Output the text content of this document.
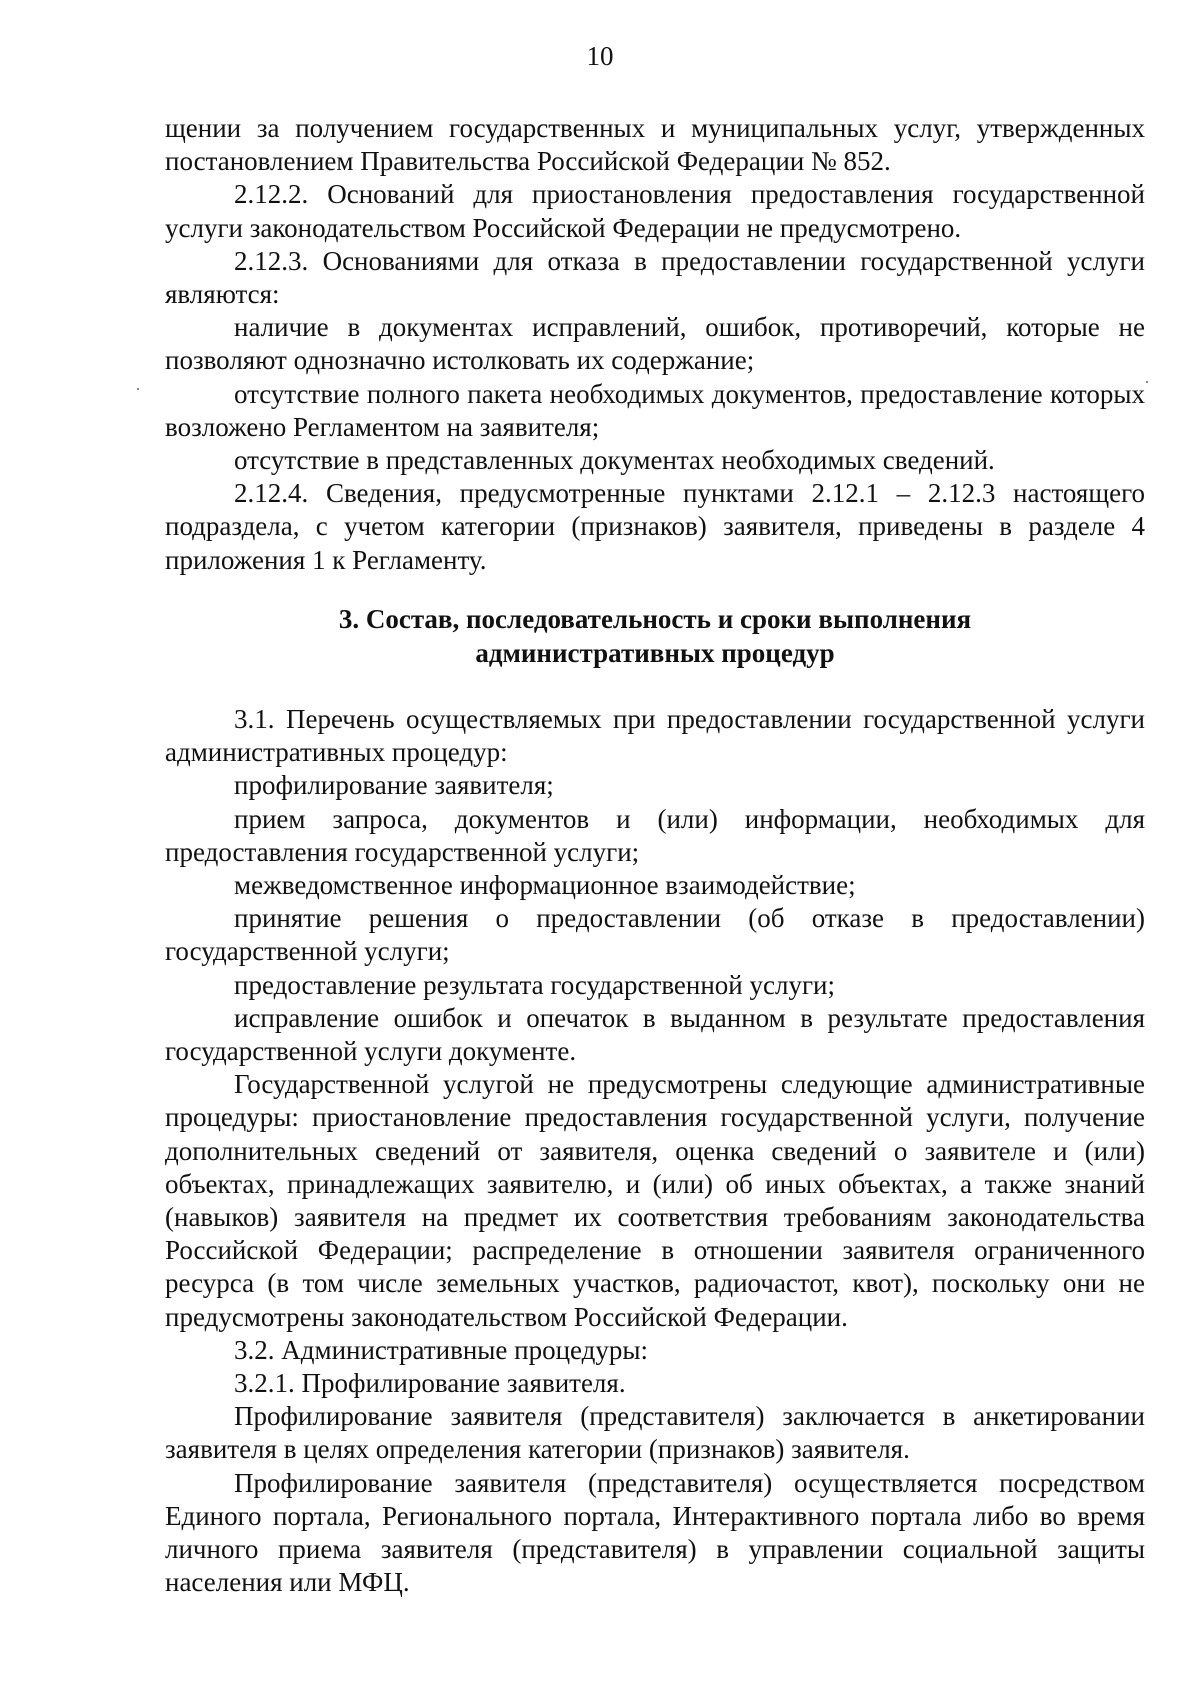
10

щении за получением государственных и муниципальных услуг, утвержденных постановлением Правительства Российской Федерации № 852.

2.12.2. Оснований для приостановления предоставления государственной услуги законодательством Российской Федерации не предусмотрено.

2.12.3. Основаниями для отказа в предоставлении государственной услуги являются:

наличие в документах исправлений, ошибок, противоречий, которые не позволяют однозначно истолковать их содержание;

отсутствие полного пакета необходимых документов, предоставление которых возложено Регламентом на заявителя;

отсутствие в представленных документах необходимых сведений.

2.12.4. Сведения, предусмотренные пунктами 2.12.1 – 2.12.3 настоящего подраздела, с учетом категории (признаков) заявителя, приведены в разделе 4 приложения 1 к Регламенту.

3. Состав, последовательность и сроки выполнения
административных процедур

3.1. Перечень осуществляемых при предоставлении государственной услуги административных процедур:

профилирование заявителя;

прием запроса, документов и (или) информации, необходимых для предоставления государственной услуги;

межведомственное информационное взаимодействие;

принятие решения о предоставлении (об отказе в предоставлении) государственной услуги;

предоставление результата государственной услуги;

исправление ошибок и опечаток в выданном в результате предоставления государственной услуги документе.

Государственной услугой не предусмотрены следующие административные процедуры: приостановление предоставления государственной услуги, получение дополнительных сведений от заявителя, оценка сведений о заявителе и (или) объектах, принадлежащих заявителю, и (или) об иных объектах, а также знаний (навыков) заявителя на предмет их соответствия требованиям законодательства Российской Федерации; распределение в отношении заявителя ограниченного ресурса (в том числе земельных участков, радиочастот, квот), поскольку они не предусмотрены законодательством Российской Федерации.

3.2. Административные процедуры:

3.2.1. Профилирование заявителя.

Профилирование заявителя (представителя) заключается в анкетировании заявителя в целях определения категории (признаков) заявителя.

Профилирование заявителя (представителя) осуществляется посредством Единого портала, Регионального портала, Интерактивного портала либо во время личного приема заявителя (представителя) в управлении социальной защиты населения или МФЦ.
